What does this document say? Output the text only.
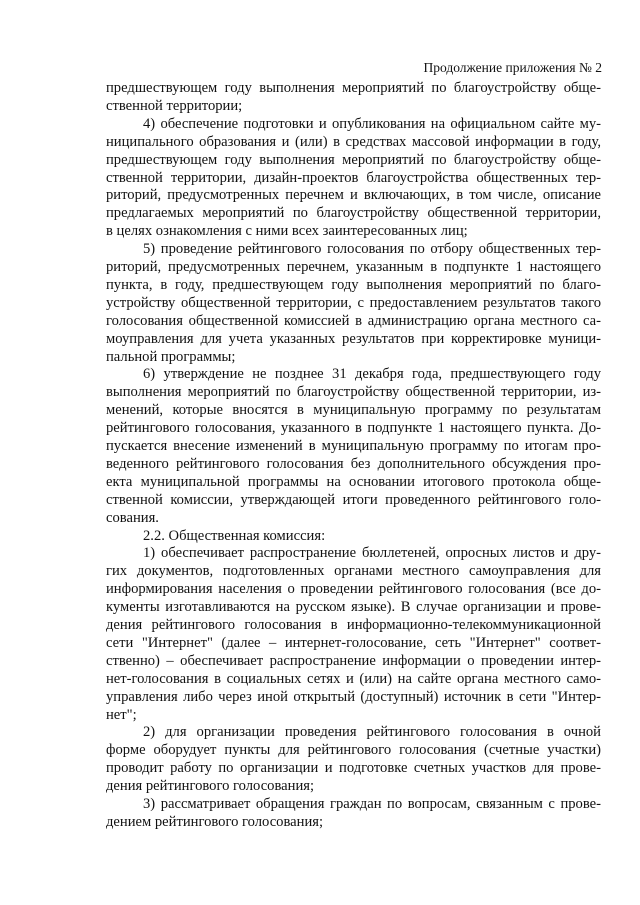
Продолжение приложения № 2
предшествующем году выполнения мероприятий по благоустройству обще-
ственной территории;
4) обеспечение подготовки и опубликования на официальном сайте му-
ниципального образования и (или) в средствах массовой информации в году,
предшествующем году выполнения мероприятий по благоустройству обще-
ственной территории, дизайн-проектов благоустройства общественных тер-
риторий, предусмотренных перечнем и включающих, в том числе, описание
предлагаемых мероприятий по благоустройству общественной территории,
в целях ознакомления с ними всех заинтересованных лиц;
5) проведение рейтингового голосования по отбору общественных тер-
риторий, предусмотренных перечнем, указанным в подпункте 1 настоящего
пункта, в году, предшествующем году выполнения мероприятий по благо-
устройству общественной территории, с предоставлением результатов такого
голосования общественной комиссией в администрацию органа местного са-
моуправления для учета указанных результатов при корректировке муници-
пальной программы;
6) утверждение не позднее 31 декабря года, предшествующего году
выполнения мероприятий по благоустройству общественной территории, из-
менений, которые вносятся в муниципальную программу по результатам
рейтингового голосования, указанного в подпункте 1 настоящего пункта. До-
пускается внесение изменений в муниципальную программу по итогам про-
веденного рейтингового голосования без дополнительного обсуждения про-
екта муниципальной программы на основании итогового протокола обще-
ственной комиссии, утверждающей итоги проведенного рейтингового голо-
сования.
2.2. Общественная комиссия:
1) обеспечивает распространение бюллетеней, опросных листов и дру-
гих документов, подготовленных органами местного самоуправления для
информирования населения о проведении рейтингового голосования (все до-
кументы изготавливаются на русском языке). В случае организации и прове-
дения рейтингового голосования в информационно-телекоммуникационной
сети "Интернет" (далее – интернет-голосование, сеть "Интернет" соответ-
ственно) – обеспечивает распространение информации о проведении интер-
нет-голосования в социальных сетях и (или) на сайте органа местного само-
управления либо через иной открытый (доступный) источник в сети "Интер-
нет";
2) для организации проведения рейтингового голосования в очной
форме оборудует пункты для рейтингового голосования (счетные участки)
проводит работу по организации и подготовке счетных участков для прове-
дения рейтингового голосования;
3) рассматривает обращения граждан по вопросам, связанным с прове-
дением рейтингового голосования;
